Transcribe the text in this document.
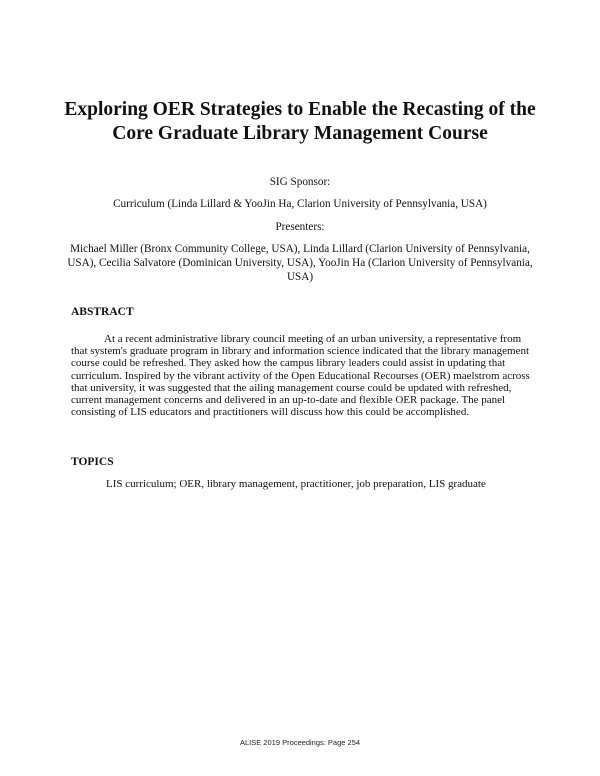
Exploring OER Strategies to Enable the Recasting of the Core Graduate Library Management Course

SIG Sponsor:

Curriculum (Linda Lillard & YooJin Ha, Clarion University of Pennsylvania, USA)

Presenters:

Michael Miller (Bronx Community College, USA), Linda Lillard (Clarion University of Pennsylvania, USA), Cecilia Salvatore (Dominican University, USA), YooJin Ha (Clarion University of Pennsylvania, USA)

ABSTRACT

At a recent administrative library council meeting of an urban university, a representative from that system's graduate program in library and information science indicated that the library management course could be refreshed. They asked how the campus library leaders could assist in updating that curriculum. Inspired by the vibrant activity of the Open Educational Recourses (OER) maelstrom across that university, it was suggested that the ailing management course could be updated with refreshed, current management concerns and delivered in an up-to-date and flexible OER package. The panel consisting of LIS educators and practitioners will discuss how this could be accomplished.

TOPICS

LIS curriculum; OER, library management, practitioner, job preparation, LIS graduate

ALISE 2019 Proceedings: Page 254
